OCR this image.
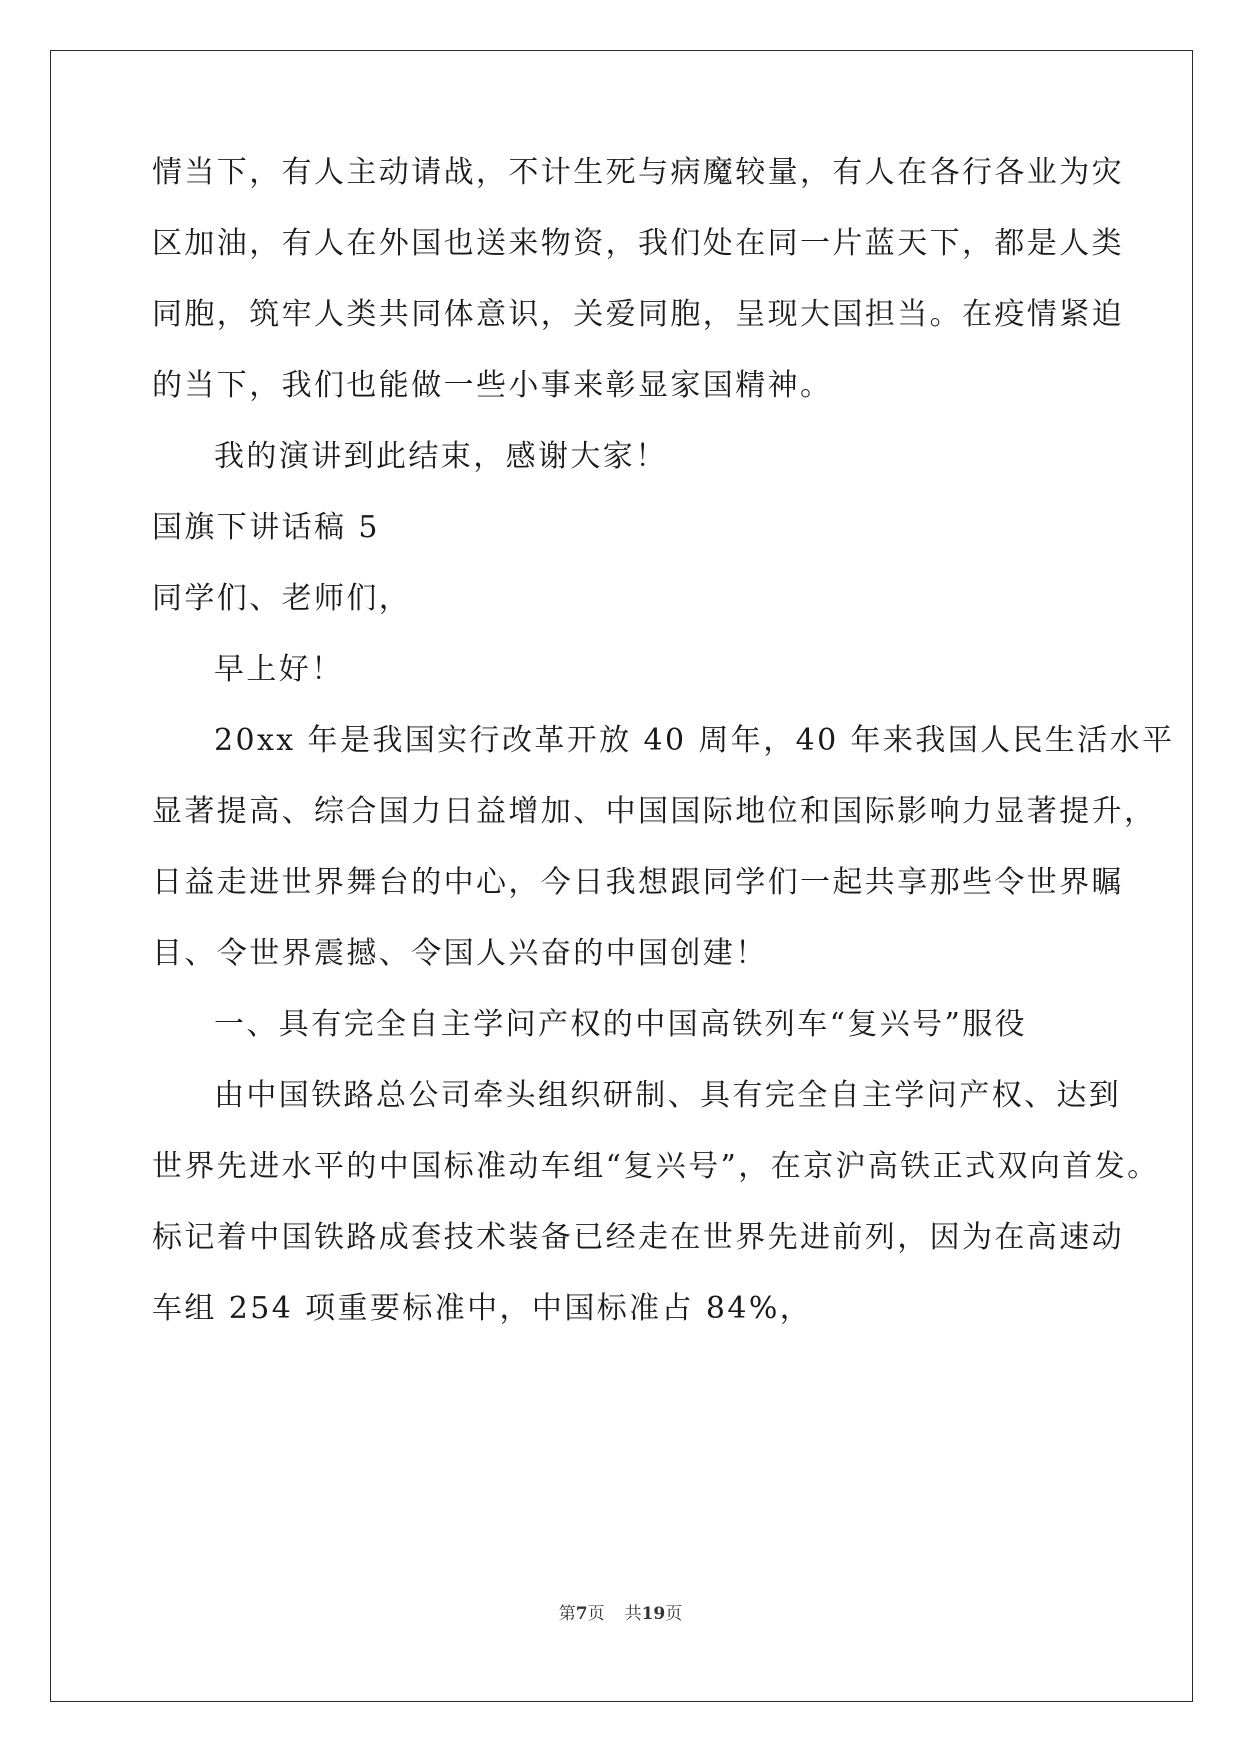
情当下，有人主动请战，不计生死与病魔较量，有人在各行各业为灾
区加油，有人在外国也送来物资，我们处在同一片蓝天下，都是人类
同胞，筑牢人类共同体意识，关爱同胞，呈现大国担当。在疫情紧迫
的当下，我们也能做一些小事来彰显家国精神。
我的演讲到此结束，感谢大家！
国旗下讲话稿 5
同学们、老师们，
早上好！
20xx 年是我国实行改革开放 40 周年，40 年来我国人民生活水平
显著提高、综合国力日益增加、中国国际地位和国际影响力显著提升，
日益走进世界舞台的中心，今日我想跟同学们一起共享那些令世界瞩
目、令世界震撼、令国人兴奋的中国创建！
一、具有完全自主学问产权的中国高铁列车“复兴号”服役
由中国铁路总公司牵头组织研制、具有完全自主学问产权、达到
世界先进水平的中国标准动车组“复兴号”，在京沪高铁正式双向首发。
标记着中国铁路成套技术装备已经走在世界先进前列，因为在高速动
车组 254 项重要标准中，中国标准占 84%，
第7页 共19页
